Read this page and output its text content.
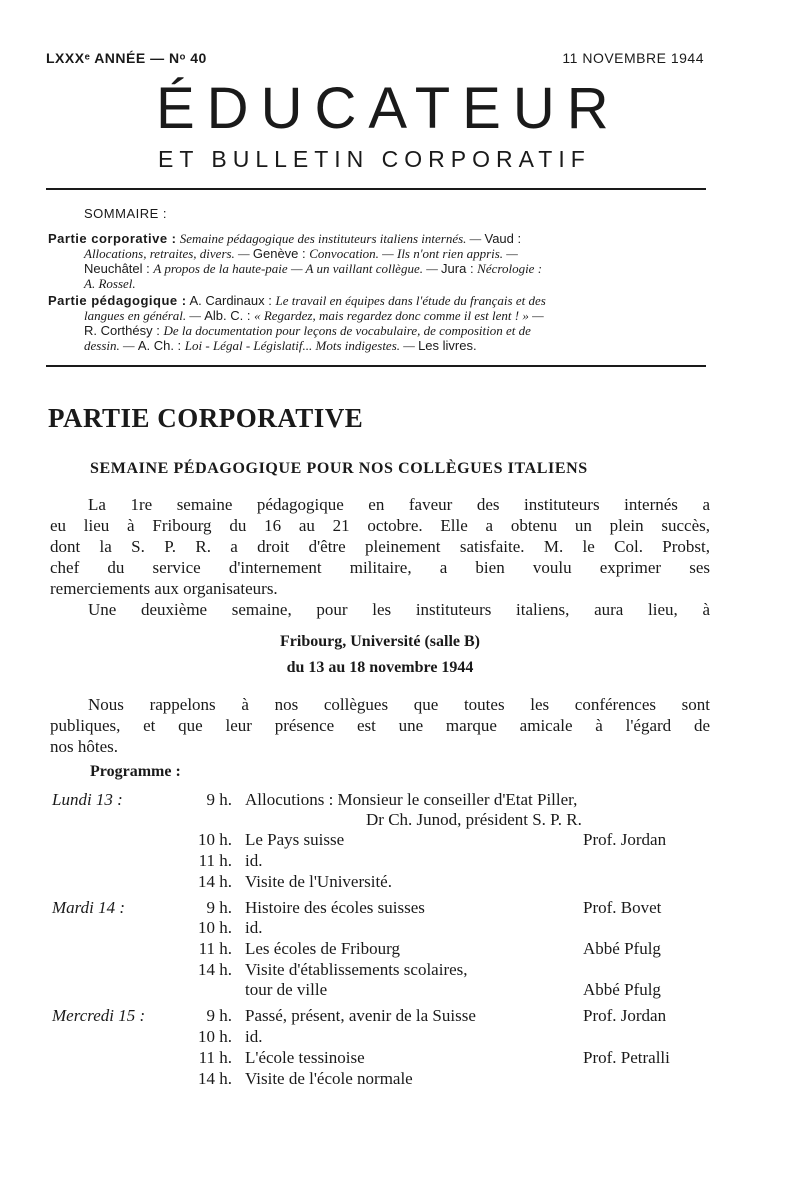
LXXXᵉ ANNÉE — Nᵒ 40	11 NOVEMBRE 1944
ÉDUCATEUR
ET BULLETIN CORPORATIF
SOMMAIRE :
Partie corporative : Semaine pédagogique des instituteurs italiens internés. — Vaud :
Allocations, retraites, divers. — Genève : Convocation. — Ils n'ont rien appris. —
Neuchâtel : A propos de la haute-paie — A un vaillant collègue. — Jura : Nécrologie :
A. Rossel.
Partie pédagogique : A. Cardinaux : Le travail en équipes dans l'étude du français et des
langues en général. — Alb. C. : « Regardez, mais regardez donc comme il est lent ! » —
R. Corthésy : De la documentation pour leçons de vocabulaire, de composition et de
dessin. — A. Ch. : Loi - Légal - Législatif... Mots indigestes. — Les livres.
PARTIE CORPORATIVE
SEMAINE PÉDAGOGIQUE POUR NOS COLLÈGUES ITALIENS
La 1re semaine pédagogique en faveur des instituteurs internés a
eu lieu à Fribourg du 16 au 21 octobre. Elle a obtenu un plein succès,
dont la S. P. R. a droit d'être pleinement satisfaite. M. le Col. Probst,
chef du service d'internement militaire, a bien voulu exprimer ses
remerciements aux organisateurs.
Une deuxième semaine, pour les instituteurs italiens, aura lieu, à
Fribourg, Université (salle B)
du 13 au 18 novembre 1944
Nous rappelons à nos collègues que toutes les conférences sont
publiques, et que leur présence est une marque amicale à l'égard de
nos hôtes.
Programme :
Lundi 13 :	9 h. Allocutions : Monsieur le conseiller d'Etat Piller,
Dr Ch. Junod, président S. P. R.
10 h. Le Pays suisse	Prof. Jordan
11 h. id.
14 h. Visite de l'Université.
Mardi 14 :	9 h. Histoire des écoles suisses	Prof. Bovet
10 h. id.
11 h. Les écoles de Fribourg	Abbé Pfulg
14 h. Visite d'établissements scolaires,
tour de ville	Abbé Pfulg
Mercredi 15 :	9 h. Passé, présent, avenir de la Suisse	Prof. Jordan
10 h. id.
11 h. L'école tessinoise	Prof. Petralli
14 h. Visite de l'école normale
